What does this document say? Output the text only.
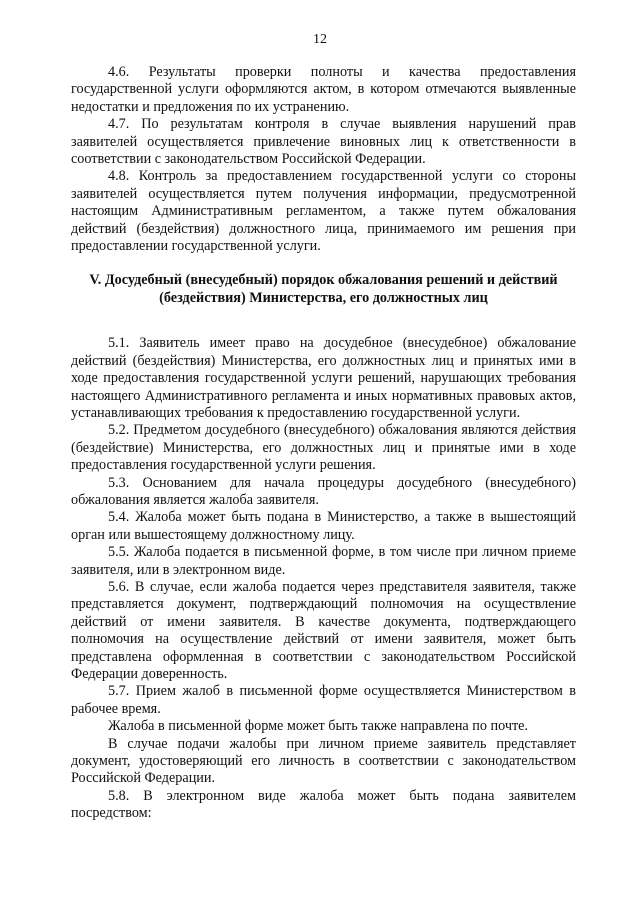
12

4.6. Результаты проверки полноты и качества предоставления государственной услуги оформляются актом, в котором отмечаются выявленные недостатки и предложения по их устранению.

4.7. По результатам контроля в случае выявления нарушений прав заявителей осуществляется привлечение виновных лиц к ответственности в соответствии с законодательством Российской Федерации.

4.8. Контроль за предоставлением государственной услуги со стороны заявителей осуществляется путем получения информации, предусмотренной настоящим Административным регламентом, а также путем обжалования действий (бездействия) должностного лица, принимаемого им решения при предоставлении государственной услуги.

V. Досудебный (внесудебный) порядок обжалования решений и действий (бездействия) Министерства, его должностных лиц

5.1. Заявитель имеет право на досудебное (внесудебное) обжалование действий (бездействия) Министерства, его должностных лиц и принятых ими в ходе предоставления государственной услуги решений, нарушающих требования настоящего Административного регламента и иных нормативных правовых актов, устанавливающих требования к предоставлению государственной услуги.

5.2. Предметом досудебного (внесудебного) обжалования являются действия (бездействие) Министерства, его должностных лиц и принятые ими в ходе предоставления государственной услуги решения.

5.3. Основанием для начала процедуры досудебного (внесудебного) обжалования является жалоба заявителя.

5.4. Жалоба может быть подана в Министерство, а также в вышестоящий орган или вышестоящему должностному лицу.

5.5. Жалоба подается в письменной форме, в том числе при личном приеме заявителя, или в электронном виде.

5.6. В случае, если жалоба подается через представителя заявителя, также представляется документ, подтверждающий полномочия на осуществление действий от имени заявителя. В качестве документа, подтверждающего полномочия на осуществление действий от имени заявителя, может быть представлена оформленная в соответствии с законодательством Российской Федерации доверенность.

5.7. Прием жалоб в письменной форме осуществляется Министерством в рабочее время.

Жалоба в письменной форме может быть также направлена по почте.

В случае подачи жалобы при личном приеме заявитель представляет документ, удостоверяющий его личность в соответствии с законодательством Российской Федерации.

5.8. В электронном виде жалоба может быть подана заявителем посредством:
